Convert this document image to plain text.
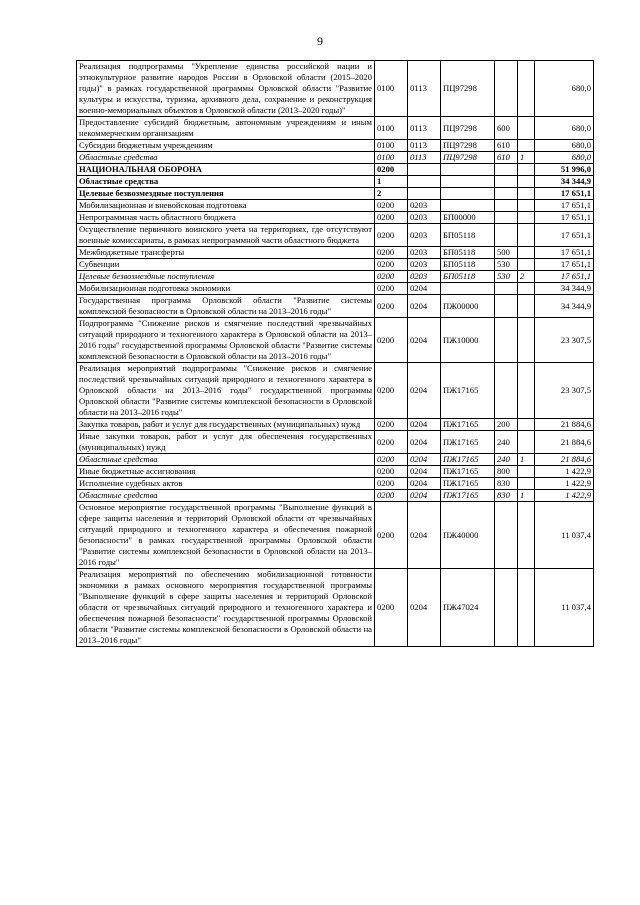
9
Реализация подпрограммы "Укрепление единства российской нации и этнокультурное развитие народов России в Орловской области (2015–2020 годы)" в рамках государственной программы Орловской области "Развитие культуры и искусства, туризма, архивного дела, сохранение и реконструкция военно-мемориальных объектов в Орловской области (2013–2020 годы)"	0100	0113	ПЦ97298			680,0
Предоставление субсидий бюджетным, автономным учреждениям и иным некоммерческим организациям	0100	0113	ПЦ97298	600		680,0
Субсидии бюджетным учреждениям	0100	0113	ПЦ97298	610		680,0
Областные средства	0100	0113	ПЦ97298	610	1	680,0
НАЦИОНАЛЬНАЯ ОБОРОНА	0200					51 996,0
Областные средства	1					34 344,9
Целевые безвозмездные поступления	2					17 651,1
Мобилизационная и вневойсковая подготовка	0200	0203				17 651,1
Непрограммная часть областного бюджета	0200	0203	БП00000			17 651,1
Осуществление первичного воинского учета на территориях, где отсутствуют военные комиссариаты, в рамках непрограммной части областного бюджета	0200	0203	БП05118			17 651,1
Межбюджетные трансферты	0200	0203	БП05118	500		17 651,1
Субвенции	0200	0203	БП05118	530		17 651,1
Целевые безвозмездные поступления	0200	0203	БП05118	530	2	17 651,1
Мобилизационная подготовка экономики	0200	0204				34 344,9
Государственная программа Орловской области "Развитие системы комплексной безопасности в Орловской области на 2013–2016 годы"	0200	0204	ПЖ00000			34 344,9
Подпрограмма "Снижение рисков и смягчение последствий чрезвычайных ситуаций природного и техногенного характера в Орловской области на 2013–2016 годы" государственной программы Орловской области "Развитие системы комплексной безопасности в Орловской области на 2013–2016 годы"	0200	0204	ПЖ10000			23 307,5
Реализация мероприятий подпрограммы "Снижение рисков и смягчение последствий чрезвычайных ситуаций природного и техногенного характера в Орловской области на 2013–2016 годы" государственной программы Орловской области "Развитие системы комплексной безопасности в Орловской области на 2013–2016 годы"	0200	0204	ПЖ17165			23 307,5
Закупка товаров, работ и услуг для государственных (муниципальных) нужд	0200	0204	ПЖ17165	200		21 884,6
Иные закупки товаров, работ и услуг для обеспечения государственных (муниципальных) нужд	0200	0204	ПЖ17165	240		21 884,6
Областные средства	0200	0204	ПЖ17165	240	1	21 884,6
Иные бюджетные ассигнования	0200	0204	ПЖ17165	800		1 422,9
Исполнение судебных актов	0200	0204	ПЖ17165	830		1 422,9
Областные средства	0200	0204	ПЖ17165	830	1	1 422,9
Основное мероприятие государственной программы "Выполнение функций в сфере защиты населения и территорий Орловской области от чрезвычайных ситуаций природного и техногенного характера и обеспечения пожарной безопасности" в рамках государственной программы Орловской области "Развитие системы комплексной безопасности в Орловской области на 2013–2016 годы"	0200	0204	ПЖ40000			11 037,4
Реализация мероприятий по обеспечению мобилизационной готовности экономики в рамках основного мероприятия государственной программы "Выполнение функций в сфере защиты населения и территорий Орловской области от чрезвычайных ситуаций природного и техногенного характера и обеспечения пожарной безопасности" государственной программы Орловской области "Развитие системы комплексной безопасности в Орловской области на 2013–2016 годы"	0200	0204	ПЖ47024			11 037,4
